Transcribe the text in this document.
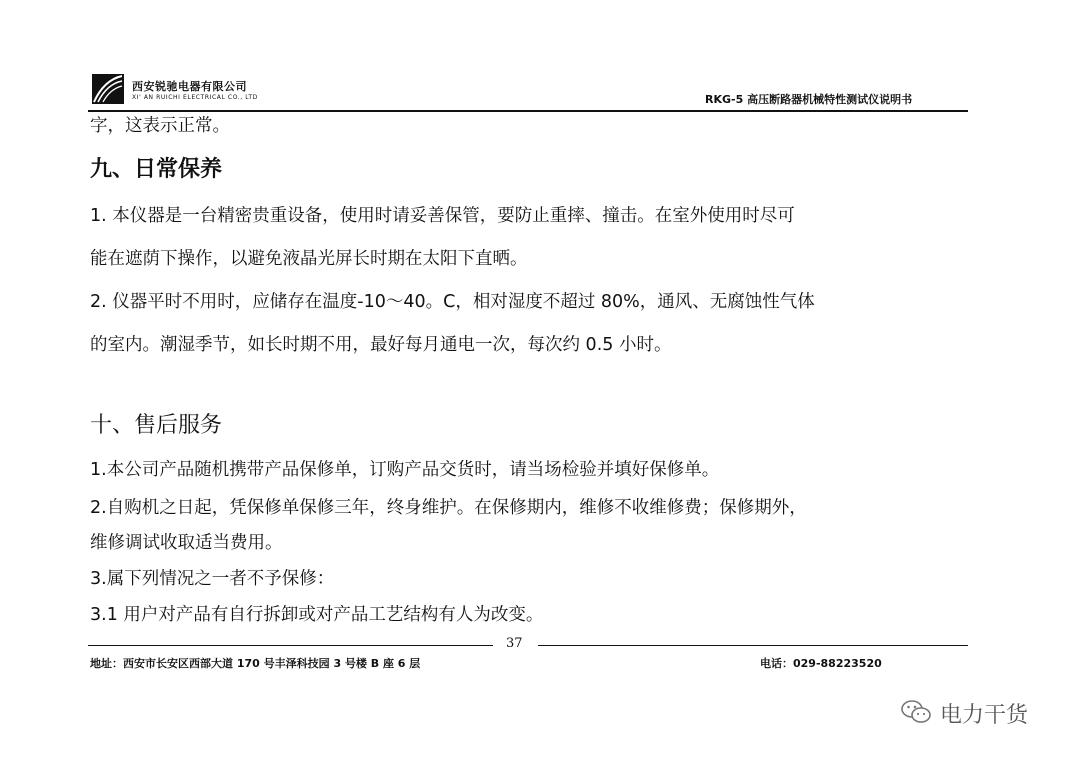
西安锐驰电器有限公司
XI' AN RUICHI ELECTRICAL CO., LTD	RKG-5 高压断路器机械特性测试仪说明书
字，这表示正常。
九、日常保养
1. 本仪器是一台精密贵重设备，使用时请妥善保管，要防止重摔、撞击。在室外使用时尽可
能在遮荫下操作，以避免液晶光屏长时期在太阳下直晒。
2. 仪器平时不用时，应储存在温度-10～40。C，相对湿度不超过 80%，通风、无腐蚀性气体
的室内。潮湿季节，如长时期不用，最好每月通电一次，每次约 0.5 小时。
十、售后服务
1.本公司产品随机携带产品保修单，订购产品交货时，请当场检验并填好保修单。
2.自购机之日起，凭保修单保修三年，终身维护。在保修期内，维修不收维修费；保修期外，
维修调试收取适当费用。
3.属下列情况之一者不予保修：
3.1 用户对产品有自行拆卸或对产品工艺结构有人为改变。
37
地址：西安市长安区西部大道 170 号丰泽科技园 3 号楼 B 座 6 层	电话：029-88223520
电力干货
